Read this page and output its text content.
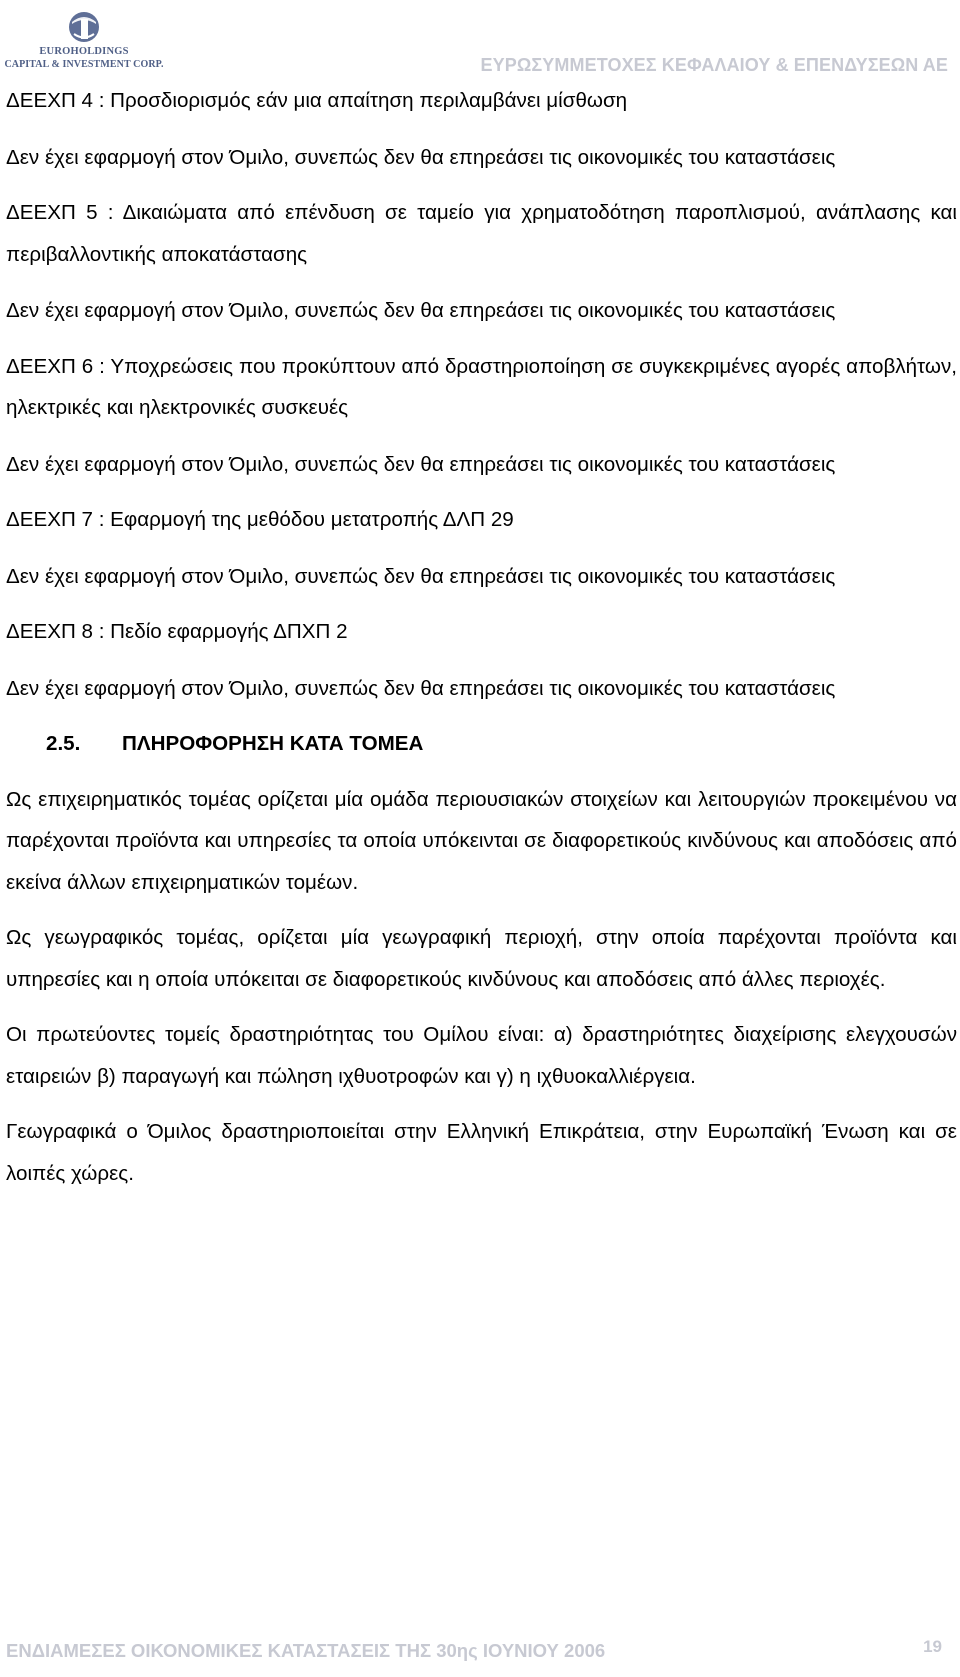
EUROHOLDINGS
CAPITAL & INVESTMENT CORP.	ΕΥΡΩΣΥΜΜΕΤΟΧΕΣ ΚΕΦΑΛΑΙΟΥ & ΕΠΕΝΔΥΣΕΩΝ ΑΕ

ΔΕΕΧΠ 4 : Προσδιορισμός εάν μια απαίτηση περιλαμβάνει μίσθωση

Δεν έχει εφαρμογή στον Όμιλο, συνεπώς δεν θα επηρεάσει τις οικονομικές του καταστάσεις

ΔΕΕΧΠ 5 : Δικαιώματα από επένδυση σε ταμείο για χρηματοδότηση παροπλισμού, ανάπλασης και περιβαλλοντικής αποκατάστασης

Δεν έχει εφαρμογή στον Όμιλο, συνεπώς δεν θα επηρεάσει τις οικονομικές του καταστάσεις

ΔΕΕΧΠ 6 : Υποχρεώσεις που προκύπτουν από δραστηριοποίηση σε συγκεκριμένες αγορές αποβλήτων, ηλεκτρικές και ηλεκτρονικές συσκευές

Δεν έχει εφαρμογή στον Όμιλο, συνεπώς δεν θα επηρεάσει τις οικονομικές του καταστάσεις

ΔΕΕΧΠ 7 : Εφαρμογή της μεθόδου μετατροπής ΔΛΠ 29

Δεν έχει εφαρμογή στον Όμιλο, συνεπώς δεν θα επηρεάσει τις οικονομικές του καταστάσεις

ΔΕΕΧΠ 8 : Πεδίο εφαρμογής ΔΠΧΠ 2

Δεν έχει εφαρμογή στον Όμιλο, συνεπώς δεν θα επηρεάσει τις οικονομικές του καταστάσεις

2.5. ΠΛΗΡΟΦΟΡΗΣΗ ΚΑΤΑ ΤΟΜΕΑ

Ως επιχειρηματικός τομέας ορίζεται μία ομάδα περιουσιακών στοιχείων και λειτουργιών προκειμένου να παρέχονται προϊόντα και υπηρεσίες τα οποία υπόκεινται σε διαφορετικούς κινδύνους και αποδόσεις από εκείνα άλλων επιχειρηματικών τομέων.

Ως γεωγραφικός τομέας, ορίζεται μία γεωγραφική περιοχή, στην οποία παρέχονται προϊόντα και υπηρεσίες και η οποία υπόκειται σε διαφορετικούς κινδύνους και αποδόσεις από άλλες περιοχές.

Οι πρωτεύοντες τομείς δραστηριότητας του Ομίλου είναι: α) δραστηριότητες διαχείρισης ελεγχουσών εταιρειών β) παραγωγή και πώληση ιχθυοτροφών και γ) η ιχθυοκαλλιέργεια.

Γεωγραφικά ο Όμιλος δραστηριοποιείται στην Ελληνική Επικράτεια, στην Ευρωπαϊκή Ένωση και σε λοιπές χώρες.

ΕΝΔΙΑΜΕΣΕΣ ΟΙΚΟΝΟΜΙΚΕΣ ΚΑΤΑΣΤΑΣΕΙΣ ΤΗΣ 30ης ΙΟΥΝΙΟΥ 2006	19
